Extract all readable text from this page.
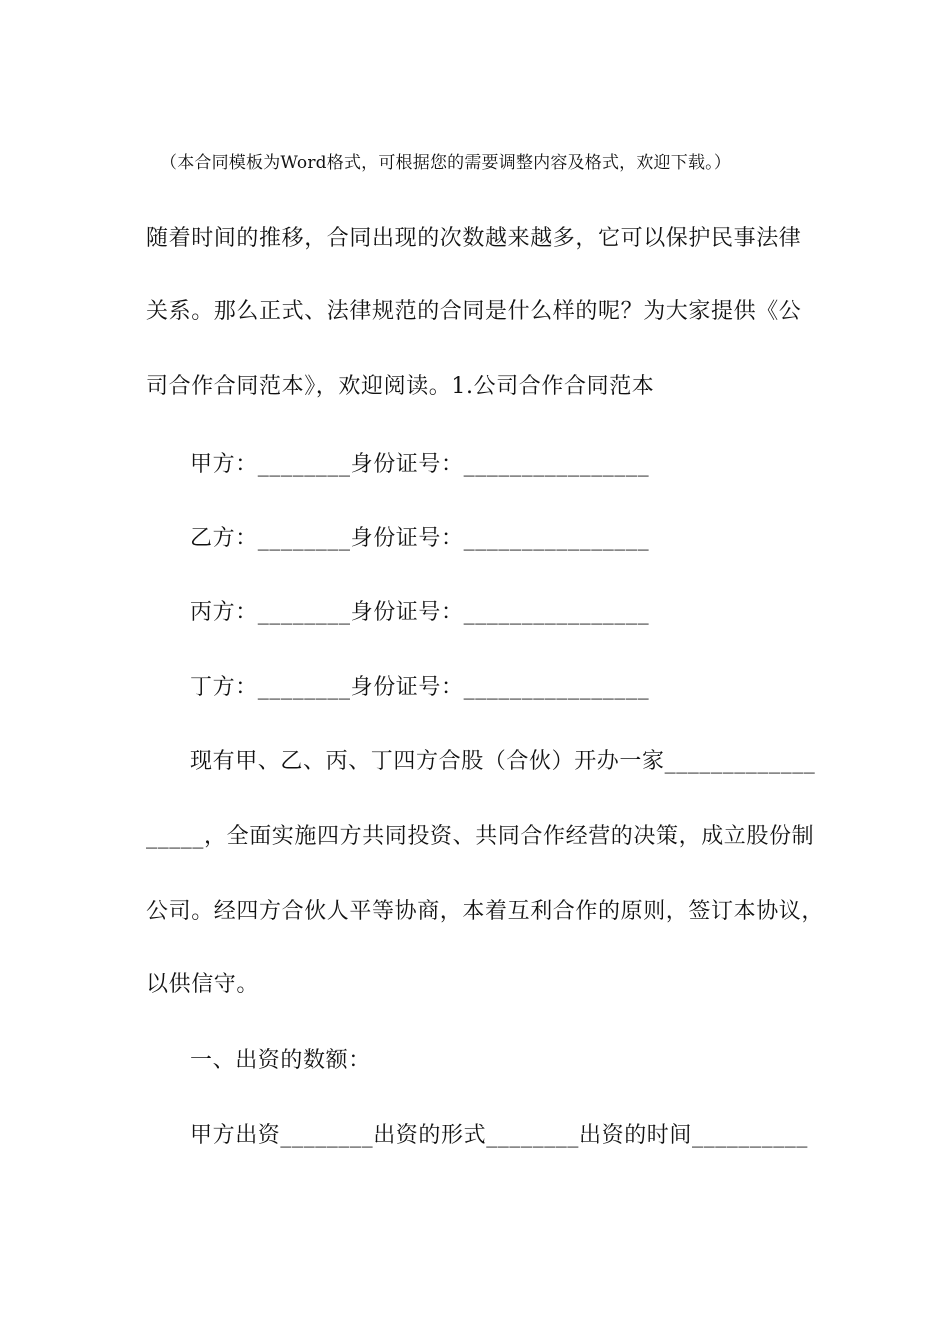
（本合同模板为Word格式，可根据您的需要调整内容及格式，欢迎下载。）
随着时间的推移，合同出现的次数越来越多，它可以保护民事法律
关系。那么正式、法律规范的合同是什么样的呢？为大家提供《公
司合作合同范本》，欢迎阅读。1.公司合作合同范本
甲方：________身份证号：________________
乙方：________身份证号：________________
丙方：________身份证号：________________
丁方：________身份证号：________________
现有甲、乙、丙、丁四方合股（合伙）开办一家_____________
_____，全面实施四方共同投资、共同合作经营的决策，成立股份制
公司。经四方合伙人平等协商，本着互利合作的原则，签订本协议，
以供信守。
一、出资的数额：
甲方出资________出资的形式________出资的时间__________
